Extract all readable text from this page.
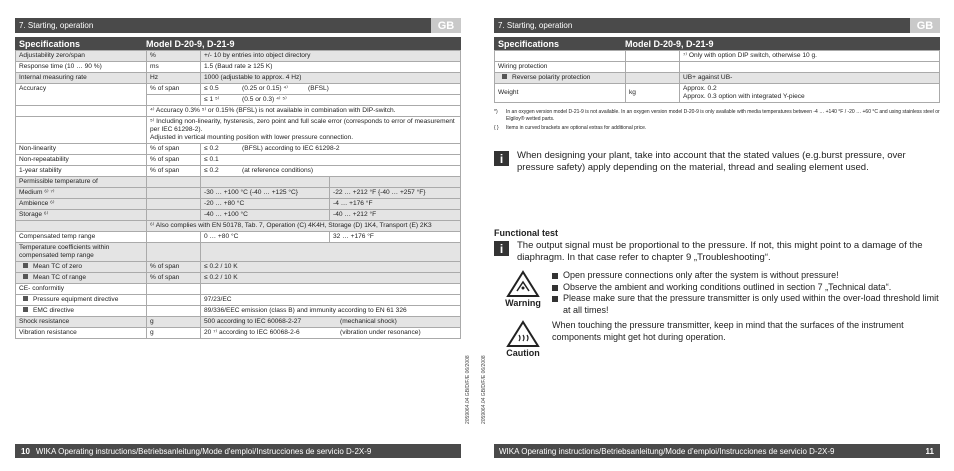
7. Starting, operation	GB
Specifications	Model D-20-9, D-21-9
Adjustability zero/span	%	+/- 10 by entries into object directory	
Response time (10 … 90 %)	ms	1.5 (Baud rate ≥ 125 K)	
Internal measuring rate	Hz	1000 (adjustable to approx. 4 Hz)	
Accuracy	% of span	≤ 0.5 (0.25 or 0.15) ⁴⁾ (BFSL)	
		≤ 1 ⁵⁾ (0.5 or 0.3) ⁴⁾ ⁵⁾	
	⁴⁾ Accuracy 0.3% ⁵⁾ or 0.15% (BFSL) is not available in combination with DIP-switch.		

	⁵⁾ Including non-linearity, hysteresis, zero point and full scale error (corresponds to error of measurement per IEC 61298-2).
Adjusted in vertical mounting position with lower pressure connection.		

Non-linearity	% of span	≤ 0.2 (BFSL) according to IEC 61298-2	
Non-repeatability	% of span	≤ 0.1	
1-year stability	% of span	≤ 0.2 (at reference conditions)	
Permissible temperature of			
Medium ⁶⁾ ⁷⁾		-30 … +100 °C {-40 … +125 °C}	-22 … +212 °F {-40 … +257 °F}
Ambience ⁶⁾		-20 … +80 °C	-4 … +176 °F
Storage ⁶⁾		-40 … +100 °C	-40 … +212 °F
	⁶⁾ Also complies with EN 50178, Tab. 7, Operation (C) 4K4H, Storage (D) 1K4, Transport (E) 2K3		
Compensated temp range		0 … +80 °C	32 … +176 °F
Temperature coefficients within compensated temp range			
Mean TC of zero	% of span	≤ 0.2 / 10 K	
Mean TC of range	% of span	≤ 0.2 / 10 K	
CE- conformitiy			
Pressure equipment directive		97/23/EC	
EMC directive		89/336/EEC emission (class B) and immunity according to EN 61 326	
Shock resistance	g	500 according to IEC 60068-2-27 (mechanical shock)	
Vibration resistance	g	20 ⁷⁾ according to IEC 60068-2-6 (vibration under resonance)	
10 WIKA Operating instructions/Betriebsanleitung/Mode d'emploi/Instrucciones de servicio D-2X-9
2059064.04 GB/D/F/E 06/2008 2059064.04 GB/D/F/E 06/2008
7. Starting, operation	GB
Specifications	Model D-20-9, D-21-9
		⁷⁾ Only with option DIP switch, otherwise 10 g.
Wiring protection		
Reverse polarity protection		UB+ against UB-
Weight	kg	Approx. 0.2
Approx. 0.3 option with integrated Y-piece
*)	In an oxygen version model D-21-9 is not available. In an oxygen version model D-20-9 is only available with media temperatures between -4 … +140 °F / -20 … +60 °C and using stainless steel or Elgiloy® wetted parts.
{ }	Items in curved brackets are optional extras for additional price.
i	When designing your plant, take into account that the stated values (e.g.burst pressure, over pressure safety) apply depending on the material, thread and sealing element used.
Functional test
i	The output signal must be proportional to the pressure. If not, this might point to a damage of the diaphragm. In that case refer to chapter 9 „Troubleshooting“.
Warning
Open pressure connections only after the system is without pressure!
Observe the ambient and working conditions outlined in section 7 „Technical data“.
Please make sure that the pressure transmitter is only used within the over-load threshold limit at all times!
Caution
When touching the pressure transmitter, keep in mind that the surfaces of the instrument components might get hot during operation.
WIKA Operating instructions/Betriebsanleitung/Mode d'emploi/Instrucciones de servicio D-2X-9	11
